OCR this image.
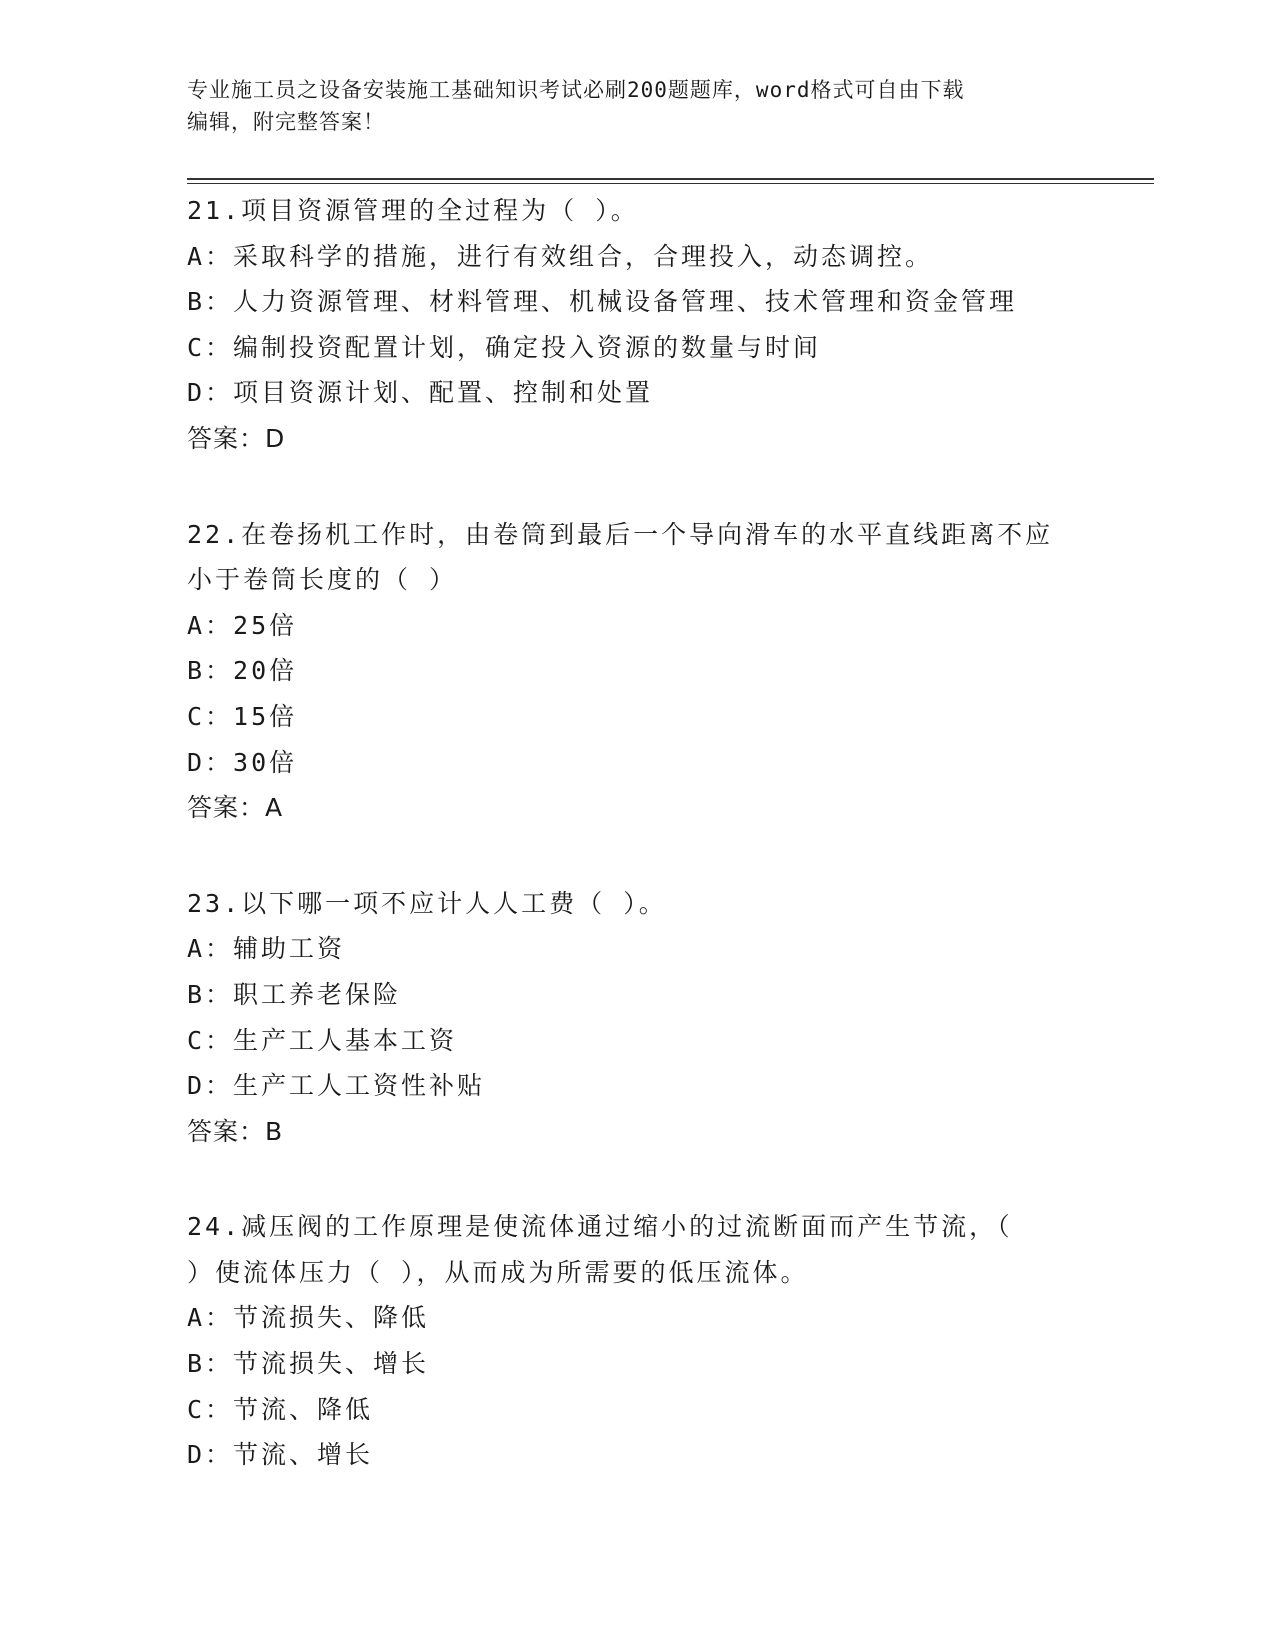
专业施工员之设备安装施工基础知识考试必刷200题题库，word格式可自由下载
编辑，附完整答案！
21.项目资源管理的全过程为（ ）。
A：采取科学的措施，进行有效组合，合理投入，动态调控。
B：人力资源管理、材料管理、机械设备管理、技术管理和资金管理
C：编制投资配置计划，确定投入资源的数量与时间
D：项目资源计划、配置、控制和处置
答案：D
22.在卷扬机工作时，由卷筒到最后一个导向滑车的水平直线距离不应
小于卷筒长度的（ ）
A：25倍
B：20倍
C：15倍
D：30倍
答案：A
23.以下哪一项不应计人人工费（ ）。
A：辅助工资
B：职工养老保险
C：生产工人基本工资
D：生产工人工资性补贴
答案：B
24.减压阀的工作原理是使流体通过缩小的过流断面而产生节流，（
）使流体压力（ ），从而成为所需要的低压流体。
A：节流损失、降低
B：节流损失、增长
C：节流、降低
D：节流、增长
